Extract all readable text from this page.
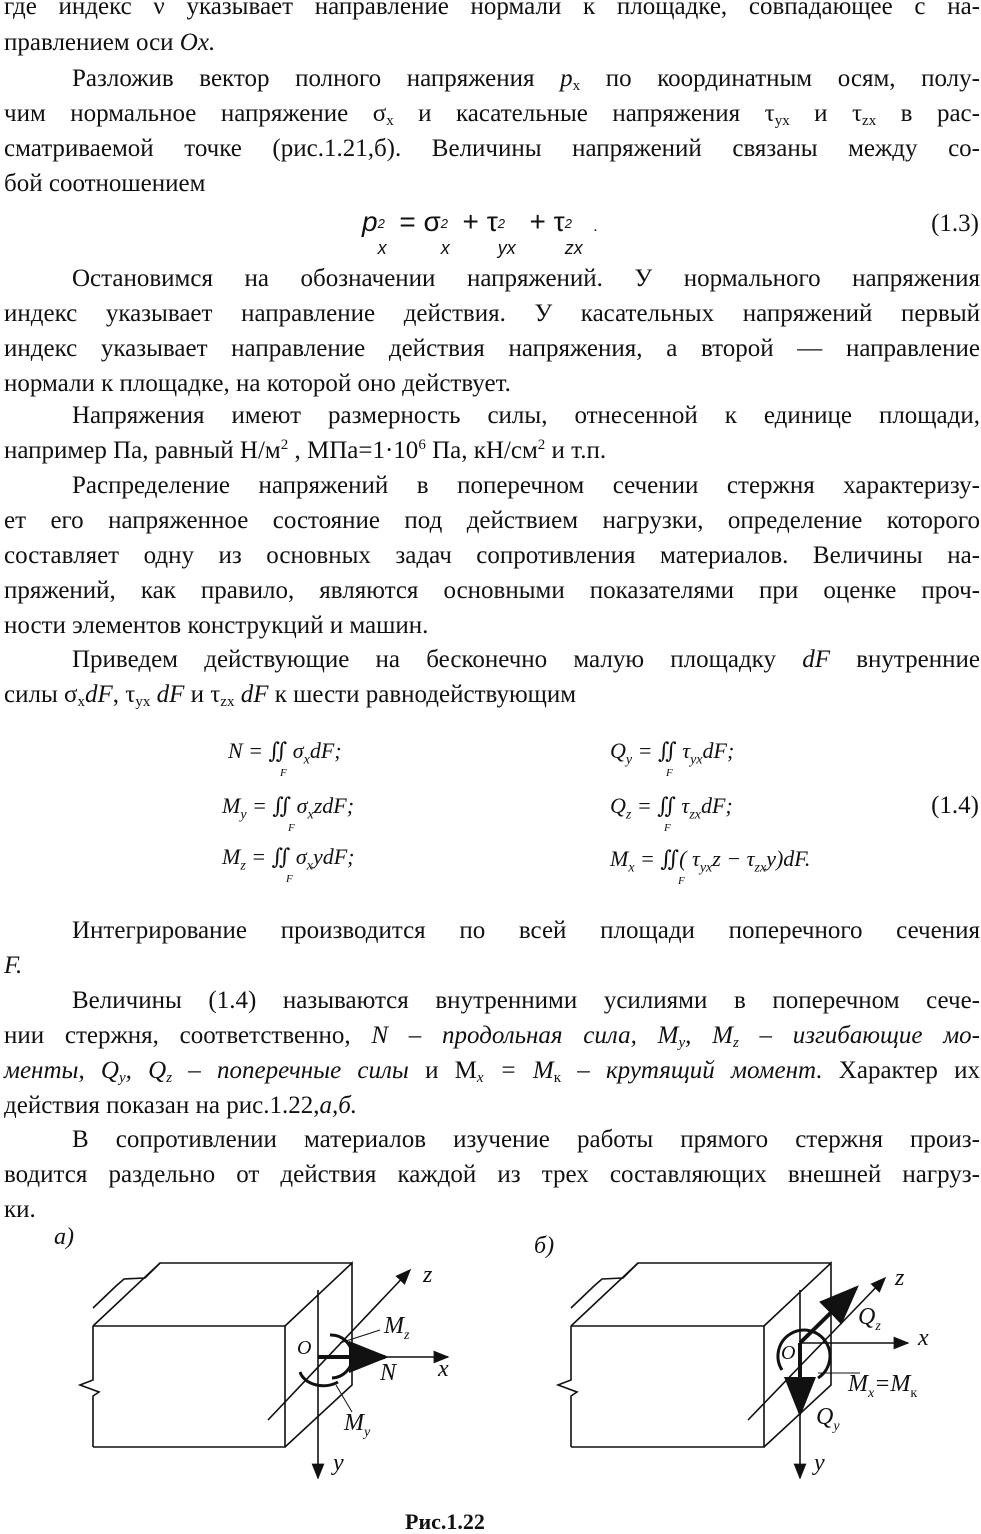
где индекс ν указывает направление нормали к площадке, совпадающее с на-
правлением оси Ox.
Разложив вектор полного напряжения px по координатным осям, полу-
чим нормальное напряжение σx и касательные напряжения τyx и τzx в рас-
сматриваемой точке (рис.1.21,б). Величины напряжений связаны между со-
бой соотношением
p 2
x
= σ 2
x
+ τ 2
yx
+ τ 2
zx
.	(1.3)
Остановимся на обозначении напряжений. У нормального напряжения
индекс указывает направление действия. У касательных напряжений первый
индекс указывает направление действия напряжения, а второй — направление
нормали к площадке, на которой оно действует.
Напряжения имеют размерность силы, отнесенной к единице площади,
например Па, равный $Н/м^2$ , $МПа=1\cdot 10^6$ Па, $кН/см^2$ и т.п.
Распределение напряжений в поперечном сечении стержня характеризу-
ет его напряженное состояние под действием нагрузки, определение которого
составляет одну из основных задач сопротивления материалов. Величины на-
пряжений, как правило, являются основными показателями при оценке проч-
ности элементов конструкций и машин.
Приведем действующие на бесконечно малую площадку dF внутренние
силы σxdF, τyx dF и τzx dF к шести равнодействующим
N = ∬ $\sigma_xdF$;
F
$M_y$ = ∬ $\sigma_xzdF$;
F
$M_z$ = ∬ $\sigma_xydF$;
F
$Q_y$ = ∬ $\tau_{yx}dF$;
F
$Q_z$ = ∬ $\tau_{zx}dF$;
F
$M_x$ = ∬( $\tau_{yx}z - \tau_{zx}y)dF$.
F
(1.4)
Интегрирование производится по всей площади поперечного сечения
F.
Величины (1.4) называются внутренними усилиями в поперечном сече-
нии стержня, соответственно, N – продольная сила, My, Mz – изгибающие мо-
менты, Qy, Qz – поперечные силы и Mx = Mк – крутящий момент. Характер их
действия показан на рис.1.22,а,б.
В сопротивлении материалов изучение работы прямого стержня произ-
водится раздельно от действия каждой из трех составляющих внешней нагруз-
ки.
а)	б)
z
O
$M_z$
N x
$M_y$
y
z
$Q_z$ x
O
$M_x=M_к$
$Q_y$
y
Рис.1.22
